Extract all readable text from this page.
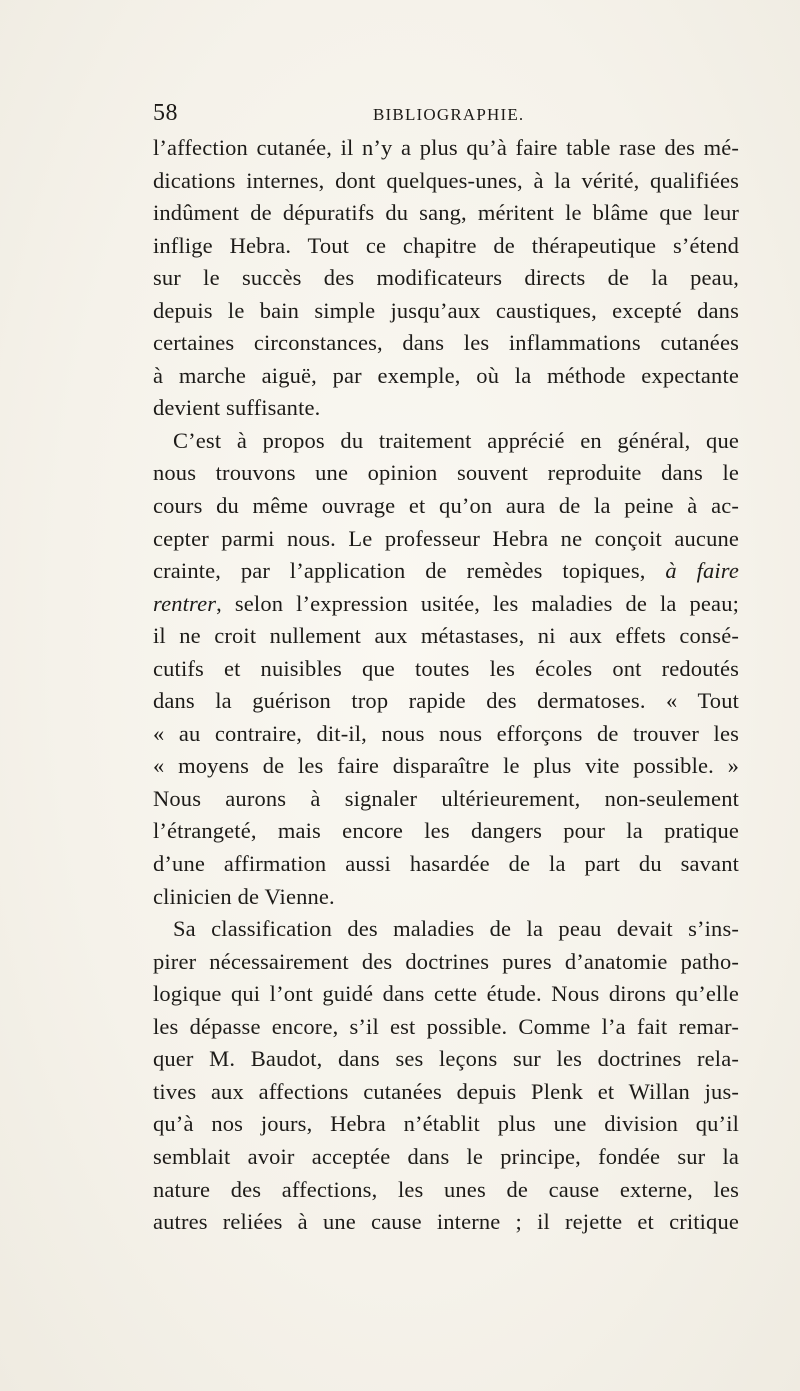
58	BIBLIOGRAPHIE.
l’affection cutanée, il n’y a plus qu’à faire table rase des mé-
dications internes, dont quelques-unes, à la vérité, qualifiées
indûment de dépuratifs du sang, méritent le blâme que leur
inflige Hebra. Tout ce chapitre de thérapeutique s’étend
sur le succès des modificateurs directs de la peau,
depuis le bain simple jusqu’aux caustiques, excepté dans
certaines circonstances, dans les inflammations cutanées
à marche aiguë, par exemple, où la méthode expectante
devient suffisante.
C’est à propos du traitement apprécié en général, que
nous trouvons une opinion souvent reproduite dans le
cours du même ouvrage et qu’on aura de la peine à ac-
cepter parmi nous. Le professeur Hebra ne conçoit aucune
crainte, par l’application de remèdes topiques, à faire
rentrer, selon l’expression usitée, les maladies de la peau;
il ne croit nullement aux métastases, ni aux effets consé-
cutifs et nuisibles que toutes les écoles ont redoutés
dans la guérison trop rapide des dermatoses. « Tout
« au contraire, dit-il, nous nous efforçons de trouver les
« moyens de les faire disparaître le plus vite possible. »
Nous aurons à signaler ultérieurement, non-seulement
l’étrangeté, mais encore les dangers pour la pratique
d’une affirmation aussi hasardée de la part du savant
clinicien de Vienne.
Sa classification des maladies de la peau devait s’ins-
pirer nécessairement des doctrines pures d’anatomie patho-
logique qui l’ont guidé dans cette étude. Nous dirons qu’elle
les dépasse encore, s’il est possible. Comme l’a fait remar-
quer M. Baudot, dans ses leçons sur les doctrines rela-
tives aux affections cutanées depuis Plenk et Willan jus-
qu’à nos jours, Hebra n’établit plus une division qu’il
semblait avoir acceptée dans le principe, fondée sur la
nature des affections, les unes de cause externe, les
autres reliées à une cause interne ; il rejette et critique
